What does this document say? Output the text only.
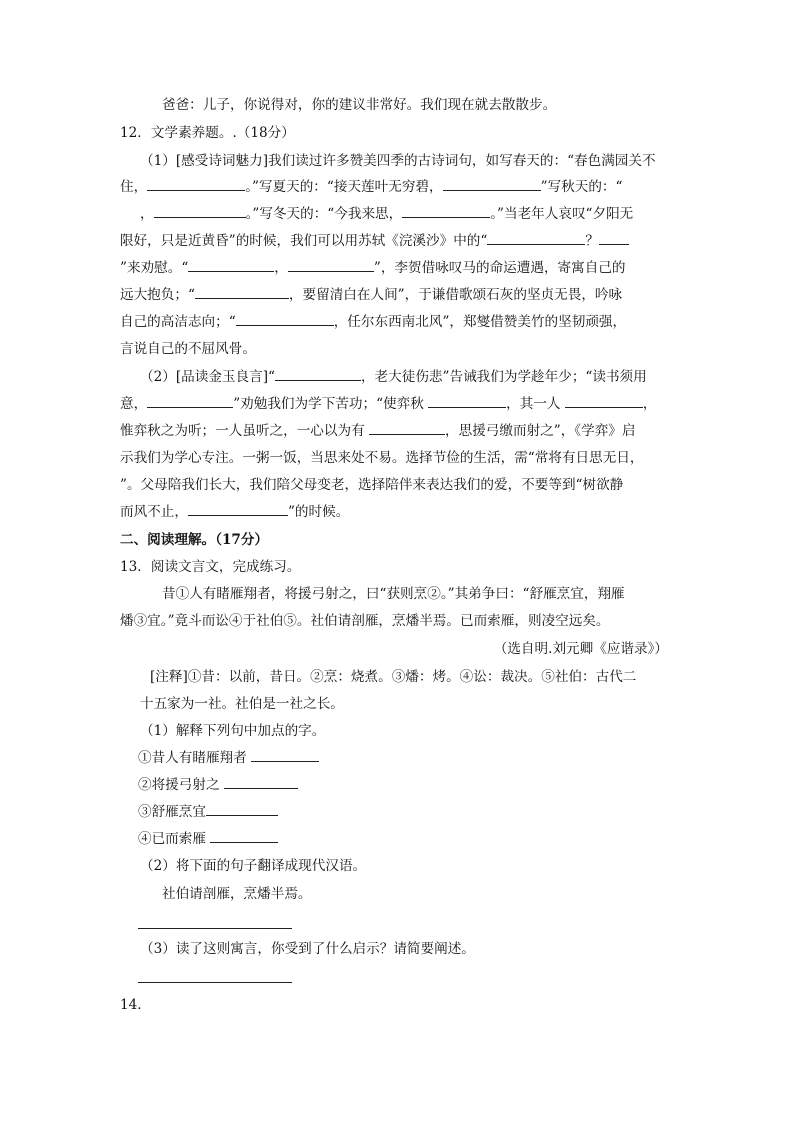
爸爸：儿子，你说得对，你的建议非常好。我们现在就去散散步。
12．文学素养题。.（18分）
（1）[感受诗词魅力]我们读过许多赞美四季的古诗词句，如写春天的：“春色满园关不
住，	。”写夏天的：“接天莲叶无穷碧，	”写秋天的：“
，	。”写冬天的：“今我来思，	。”当老年人哀叹“夕阳无
限好，只是近黄昏”的时候，我们可以用苏轼《浣溪沙》中的“	？
”来劝慰。“	，	”，李贺借咏叹马的命运遭遇，寄寓自己的
远大抱负；“	，要留清白在人间”，于谦借歌颂石灰的坚贞无畏，吟咏
自己的高洁志向；“	，任尔东西南北风”，郑燮借赞美竹的坚韧顽强，
言说自己的不屈风骨。
（2）[品读金玉良言]“	，老大徒伤悲”告诫我们为学趁年少；“读书须用
意，	”劝勉我们为学下苦功；“使弈秋	，其一人	，
惟弈秋之为听；一人虽听之，一心以为有	，思援弓缴而射之”，《学弈》启
示我们为学心专注。一粥一饭，当思来处不易。选择节俭的生活，需“常将有日思无日，
”。父母陪我们长大，我们陪父母变老，选择陪伴来表达我们的爱，不要等到“树欲静
而风不止，	”的时候。
二、阅读理解。（17分）
13．阅读文言文，完成练习。
昔①人有睹雁翔者，将援弓射之，曰“获则烹②。”其弟争曰：“舒雁烹宜，翔雁
燔③宜。”竟斗而讼④于社伯⑤。社伯请剖雁，烹燔半焉。已而索雁，则凌空远矣。
（选自明.刘元卿《应谐录》）
[注释]①昔：以前，昔日。②烹：烧煮。③燔：烤。④讼：裁决。⑤社伯：古代二
十五家为一社。社伯是一社之长。
（1）解释下列句中加点的字。
①昔人有睹雁翔者
②将援弓射之
③舒雁烹宜
④已而索雁
（2）将下面的句子翻译成现代汉语。
社伯请剖雁，烹燔半焉。
（3）读了这则寓言，你受到了什么启示？请简要阐述。
14．
